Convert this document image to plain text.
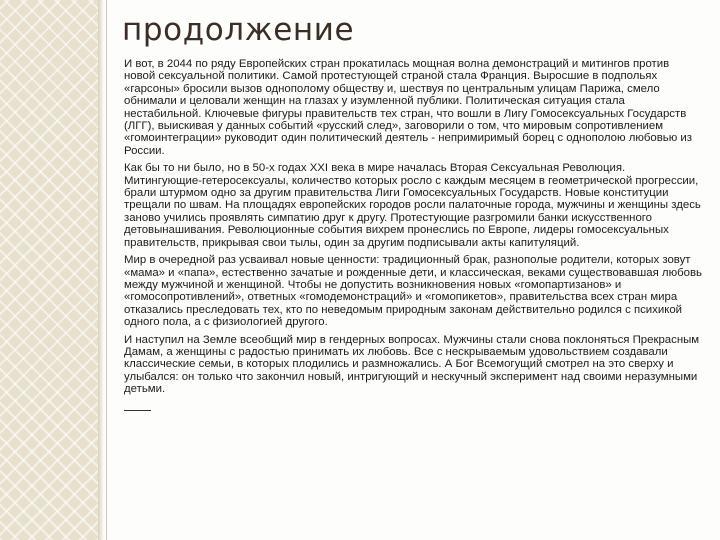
продолжение

И вот, в 2044 по ряду Европейских стран прокатилась мощная волна демонстраций и митингов против новой сексуальной политики. Самой протестующей страной стала Франция. Выросшие в подпольях «гарсоны» бросили вызов однополому обществу и, шествуя по центральным улицам Парижа, смело обнимали и целовали женщин на глазах у изумленной публики. Политическая ситуация стала нестабильной. Ключевые фигуры правительств тех стран, что вошли в Лигу Гомосексуальных Государств (ЛГГ), выискивая у данных событий «русский след», заговорили о том, что мировым сопротивлением «гомоинтеграции» руководит один политический деятель - непримиримый борец с однополою любовью из России.

Как бы то ни было, но в 50-х годах XXI века в мире началась Вторая Сексуальная Революция. Митингующие-гетеросексуалы, количество которых росло с каждым месяцем в геометрической прогрессии, брали штурмом одно за другим правительства Лиги Гомосексуальных Государств. Новые конституции трещали по швам. На площадях европейских городов росли палаточные города, мужчины и женщины здесь заново учились проявлять симпатию друг к другу. Протестующие разгромили банки искусственного детовынашивания. Революционные события вихрем пронеслись по Европе, лидеры гомосексуальных правительств, прикрывая свои тылы, один за другим подписывали акты капитуляций.

Мир в очередной раз усваивал новые ценности: традиционный брак, разнополые родители, которых зовут «мама» и «папа», естественно зачатые и рожденные дети, и классическая, веками существовавшая любовь между мужчиной и женщиной. Чтобы не допустить возникновения новых «гомопартизанов» и «гомосопротивлений», ответных «гомодемонстраций» и «гомопикетов», правительства всех стран мира отказались преследовать тех, кто по неведомым природным законам действительно родился с психикой одного пола, а с физиологией другого.

И наступил на Земле всеобщий мир в гендерных вопросах. Мужчины стали снова поклоняться Прекрасным Дамам, а женщины с радостью принимать их любовь. Все с нескрываемым удовольствием создавали классические семьи, в которых плодились и размножались. А Бог Всемогущий смотрел на это сверху и улыбался: он только что закончил новый, интригующий и нескучный эксперимент над своими неразумными детьми.
